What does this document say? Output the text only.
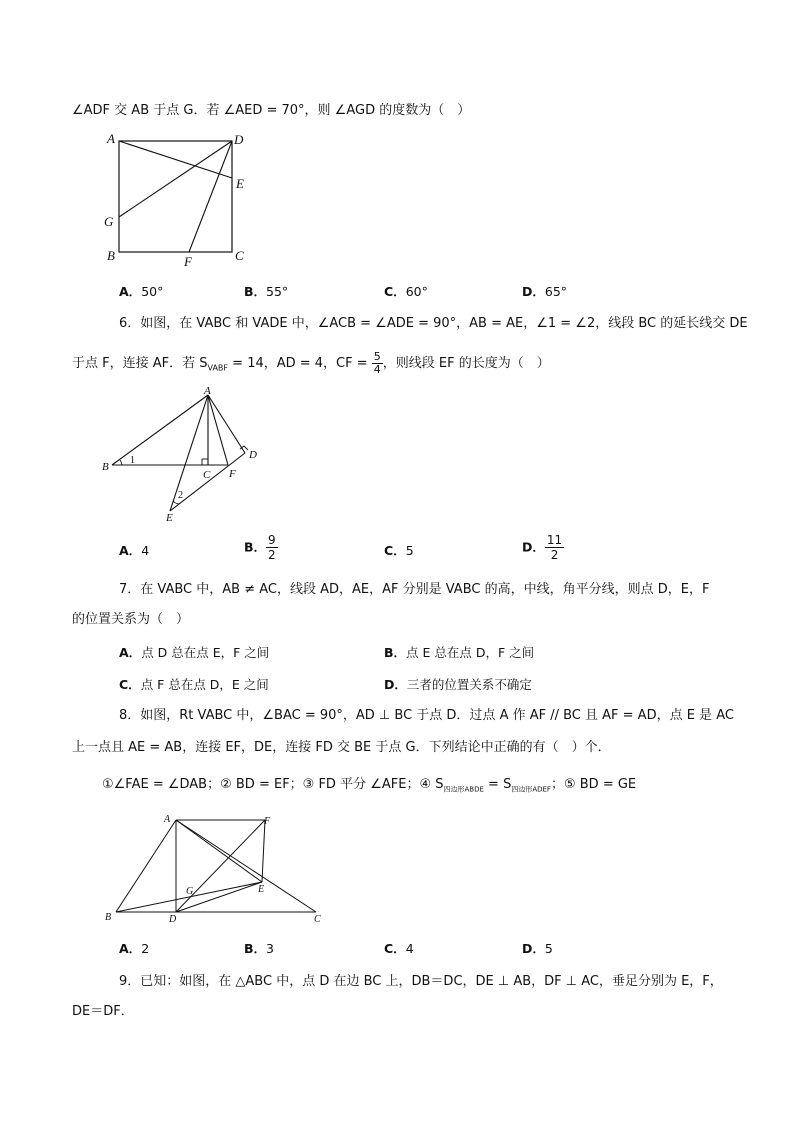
∠ADF 交 AB 于点 G．若 ∠AED = 70°，则 ∠AGD 的度数为（　）
A	D
E
G
B	C
F
A．50°	B．55°	C．60°	D．65°
6．如图，在 VABC 和 VADE 中，∠ACB = ∠ADE = 90°，AB = AE，∠1 = ∠2，线段 BC 的延长线交 DE
于点 F，连接 AF．若 $S_{VABF} = 14$，AD = 4，CF = $\frac{5}{4}$ ，则线段 EF 的长度为（　）
A
B
C F
D
E
1
2
A．4	B． $\frac{9}{2}$	C．5	D． $\frac{11}{2}$
7．在 VABC 中，AB ≠ AC，线段 AD，AE，AF 分别是 VABC 的高，中线，角平分线，则点 D，E，F
的位置关系为（　）
A．点 D 总在点 E，F 之间	B．点 E 总在点 D，F 之间
C．点 F 总在点 D，E 之间	D．三者的位置关系不确定
8．如图，Rt VABC 中，∠BAC = 90°，AD ⊥ BC 于点 D．过点 A 作 AF // BC 且 AF = AD，点 E 是 AC
上一点且 AE = AB，连接 EF，DE，连接 FD 交 BE 于点 G．下列结论中正确的有（　）个．
①∠FAE = ∠DAB；② BD = EF；③ FD 平分 ∠AFE；④ $S_{四边形ABDE} = S_{四边形ADEF}$；⑤ BD = GE
A	F
B	D
E
C
G
A．2	B．3	C．4	D．5
9．已知：如图，在 △ABC 中，点 D 在边 BC 上，DB＝DC，DE ⊥ AB，DF ⊥ AC，垂足分别为 E，F，
DE＝DF．
